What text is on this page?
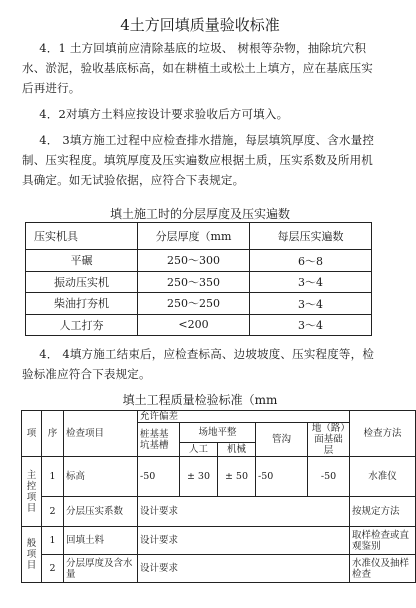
4土方回填质量验收标准
4．1 土方回填前应清除基底的垃圾、 树根等杂物，抽除坑穴积水、淤泥，验收基底标高，如在耕植土或松土上填方，应在基底压实后再进行。
4．2对填方土料应按设计要求验收后方可填入。
4． 3填方施工过程中应检查排水措施，每层填筑厚度、含水量控制、压实程度。填筑厚度及压实遍数应根据土质，压实系数及所用机具确定。如无试验依据，应符合下表规定。
填土施工时的分层厚度及压实遍数
压实机具	分层厚度（mm	每层压实遍数
平碾	250～300	6～8
振动压实机	250～350	3～4
柴油打夯机	250～250	3～4
人工打夯	<200	3～4
4． 4填方施工结束后，应检查标高、边坡坡度、压实程度等，检验标准应符合下表规定。
填土工程质量检验标准（mm
项	序	检查项目	允许偏差					检查方法
			桩基基坑基槽	场地平整		管沟	地（路）面基础层	
				人工	机械			
主控项目	1	标高	-50	± 30	± 50	-50	-50	水准仪
	2	分层压实系数	设计要求					按规定方法
般项目	1	回填土料	设计要求					取样检查或直观鉴别
	2	分层厚度及含水量	设计要求					水准仪及抽样检查
